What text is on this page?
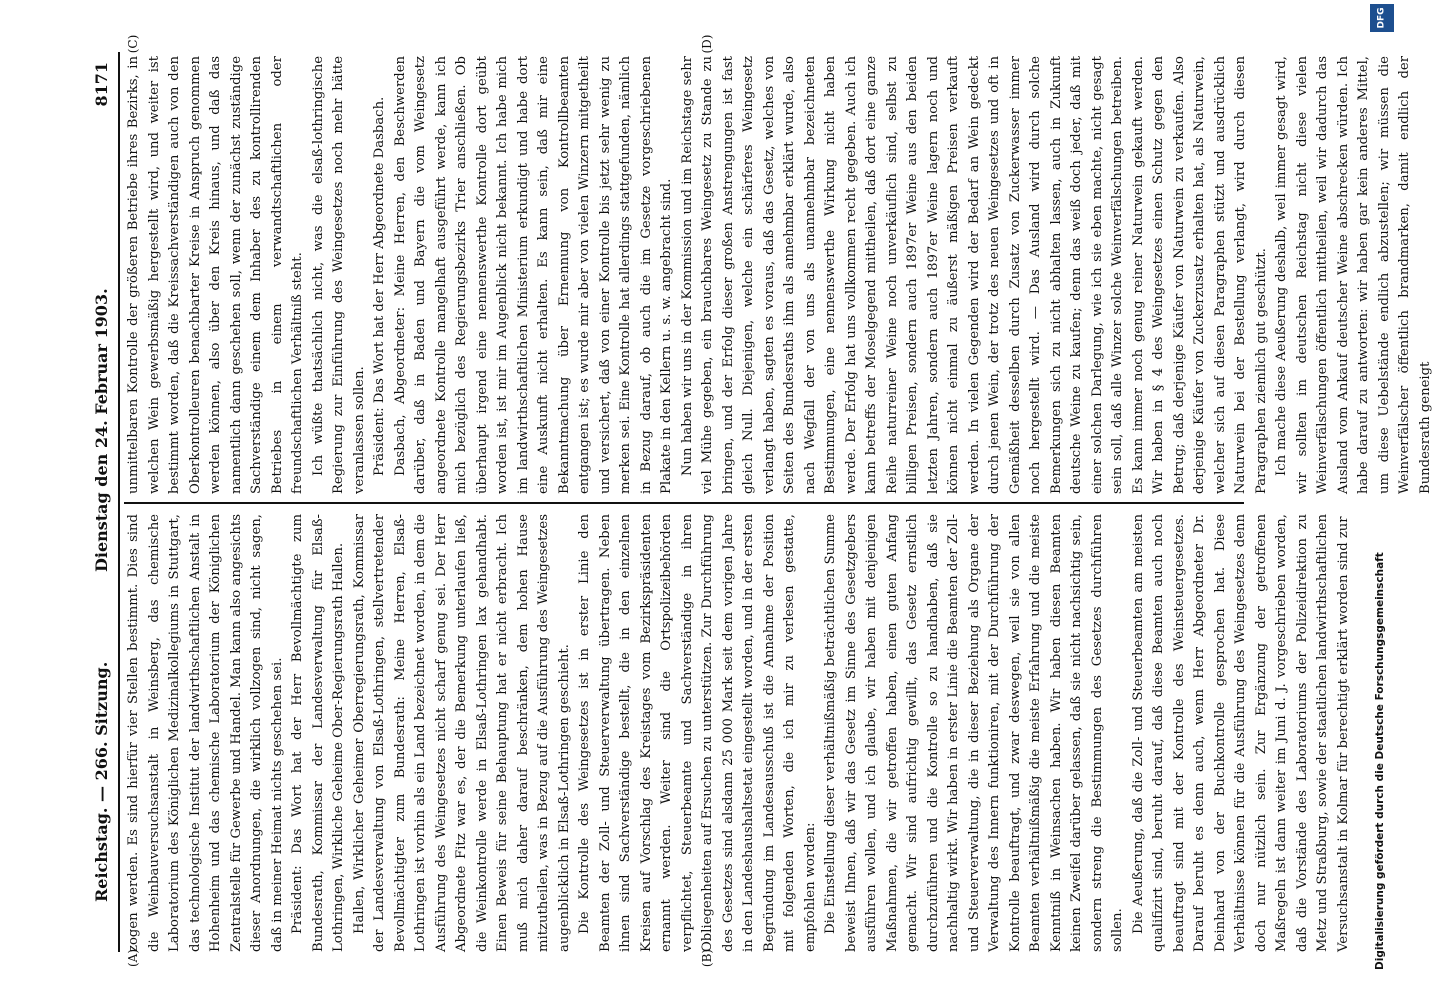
Reichstag. — 266. Sitzung.
Dienstag den 24. Februar 1903.
8171

zogen werden. Es sind hierfür vier Stellen bestimmt. Dies sind die Weinbauversuchsanstalt in Weinsberg, das chemische Laboratorium des Königlichen Medizinalkollegiums in Stuttgart, das technologische Institut der landwirthschaftlichen Anstalt in Hohenheim und das chemische Laboratorium der Königlichen Zentralstelle für Gewerbe und Handel. Man kann also angesichts dieser Anordnungen, die wirklich vollzogen sind, nicht sagen, daß in meiner Heimat nichts geschehen sei. Präsident: Das Wort hat der Herr Bevollmächtigte zum Bundesrath, Kommissar der Landesverwaltung für Elsaß-Lothringen, Wirkliche Geheime Ober-Regierungsrath Hallen. Hallen, Wirklicher Geheimer Oberregierungsrath, Kommissar der Landesverwaltung von Elsaß-Lothringen, stellvertretender Bevollmächtigter zum Bundesrath: Meine Herren, Elsaß-Lothringen ist vorhin als ein Land bezeichnet worden, in dem die Ausführung des Weingesetzes nicht scharf genug sei. Der Herr Abgeordnete Fitz war es, der die Bemerkung unterlaufen ließ, die Weinkontrolle werde in Elsaß-Lothringen lax gehandhabt. Einen Beweis für seine Behauptung hat er nicht erbracht. Ich muß mich daher darauf beschränken, dem hohen Hause mitzutheilen, was in Bezug auf die Ausführung des Weingesetzes augenblicklich in Elsaß-Lothringen geschieht. Die Kontrolle des Weingesetzes ist in erster Linie den Beamten der Zoll- und Steuerverwaltung übertragen. Neben ihnen sind Sachverständige bestellt, die in den einzelnen Kreisen auf Vorschlag des Kreistages vom Bezirkspräsidenten ernannt werden. Weiter sind die Ortspolizeibehörden verpflichtet, Steuerbeamte und Sachverständige in ihren Obliegenheiten auf Ersuchen zu unterstützen. Zur Durchführung des Gesetzes sind alsdann 25 000 Mark seit dem vorigen Jahre in den Landeshaushaltsetat eingestellt worden, und in der ersten Begründung im Landesausschuß ist die Annahme der Position mit folgenden Worten, die ich mir zu verlesen gestatte, empfohlen worden: Die Einstellung dieser verhältnißmäßig beträchtlichen Summe beweist Ihnen, daß wir das Gesetz im Sinne des Gesetzgebers ausführen wollen, und ich glaube, wir haben mit denjenigen Maßnahmen, die wir getroffen haben, einen guten Anfang gemacht. Wir sind aufrichtig gewillt, das Gesetz ernstlich durchzuführen und die Kontrolle so zu handhaben, daß sie nachhaltig wirkt. Wir haben in erster Linie die Beamten der Zoll- und Steuerverwaltung, die in dieser Beziehung als Organe der Verwaltung des Innern funktioniren, mit der Durchführung der Kontrolle beauftragt, und zwar deswegen, weil sie von allen Beamten verhältnißmäßig die meiste Erfahrung und die meiste Kenntniß in Weinsachen haben. Wir haben diesen Beamten keinen Zweifel darüber gelassen, daß sie nicht nachsichtig sein, sondern streng die Bestimmungen des Gesetzes durchführen sollen. Die Aeußerung, daß die Zoll- und Steuerbeamten am meisten qualifizirt sind, beruht darauf, daß diese Beamten auch noch beauftragt sind mit der Kontrolle des Weinsteuergesetzes. Darauf beruht es denn auch, wenn Herr Abgeordneter Dr. Deinhard von der Buchkontrolle gesprochen hat. Diese Verhältnisse können für die Ausführung des Weingesetzes denn doch nur nützlich sein. Zur Ergänzung der getroffenen Maßregeln ist dann weiter im Juni d. J. vorgeschrieben worden, daß die Vorstände des Laboratoriums der Polizeidirektion zu Metz und Straßburg, sowie der staatlichen landwirthschaftlichen Versuchsanstalt in Kolmar für berechtigt erklärt worden sind zur

unmittelbaren Kontrolle der größeren Betriebe ihres Bezirks, in welchen Wein gewerbsmäßig hergestellt wird, und weiter ist bestimmt worden, daß die Kreissachverständigen auch von den Oberkontrolleuren benachbarter Kreise in Anspruch genommen werden können, also über den Kreis hinaus, und daß das namentlich dann geschehen soll, wenn der zunächst zuständige Sachverständige einem dem Inhaber des zu kontrollirenden Betriebes in einem verwandtschaftlichen oder freundschaftlichen Verhältniß steht. Ich wüßte thatsächlich nicht, was die elsaß-lothringische Regierung zur Einführung des Weingesetzes noch mehr hätte veranlassen sollen. Präsident: Das Wort hat der Herr Abgeordnete Dasbach. Dasbach, Abgeordneter: Meine Herren, den Beschwerden darüber, daß in Baden und Bayern die vom Weingesetz angeordnete Kontrolle mangelhaft ausgeführt werde, kann ich mich bezüglich des Regierungsbezirks Trier anschließen. Ob überhaupt irgend eine nennenswerthe Kontrolle dort geübt worden ist, ist mir im Augenblick nicht bekannt. Ich habe mich im landwirthschaftlichen Ministerium erkundigt und habe dort eine Auskunft nicht erhalten. Es kann sein, daß mir eine Bekanntmachung über Ernennung von Kontrollbeamten entgangen ist; es wurde mir aber von vielen Winzern mitgetheilt und versichert, daß von einer Kontrolle bis jetzt sehr wenig zu merken sei. Eine Kontrolle hat allerdings stattgefunden, nämlich in Bezug darauf, ob auch die im Gesetze vorgeschriebenen Plakate in den Kellern u. s. w. angebracht sind. Nun haben wir uns in der Kommission und im Reichstage sehr viel Mühe gegeben, ein brauchbares Weingesetz zu Stande zu bringen, und der Erfolg dieser großen Anstrengungen ist fast gleich Null. Diejenigen, welche ein schärferes Weingesetz verlangt haben, sagten es voraus, daß das Gesetz, welches von Seiten des Bundesraths ihm als annehmbar erklärt wurde, also nach Wegfall der von uns als unannehmbar bezeichneten Bestimmungen, eine nennenswerthe Wirkung nicht haben werde. Der Erfolg hat uns vollkommen recht gegeben. Auch ich kann betreffs der Moselgegend mittheilen, daß dort eine ganze Reihe naturreiner Weine noch unverkäuflich sind, selbst zu billigen Preisen, sondern auch 1897er Weine aus den beiden letzten Jahren, sondern auch 1897er Weine lagern noch und können nicht einmal zu äußerst mäßigen Preisen verkauft werden. In vielen Gegenden wird der Bedarf an Wein gedeckt durch jenen Wein, der trotz des neuen Weingesetzes und oft in Gemäßheit desselben durch Zusatz von Zuckerwasser immer noch hergestellt wird. — Das Ausland wird durch solche Bemerkungen sich zu nicht abhalten lassen, auch in Zukunft deutsche Weine zu kaufen; denn das weiß doch jeder, daß mit einer solchen Darlegung, wie ich sie eben machte, nicht gesagt sein soll, daß alle Winzer solche Weinverfälschungen betreiben. Es kann immer noch genug reiner Naturwein gekauft werden. Wir haben in § 4 des Weingesetzes einen Schutz gegen den Betrug; daß derjenige Käufer von Naturwein zu verkaufen. Also derjenige Käufer von Zuckerzusatz erhalten hat, als Naturwein, welcher sich auf diesen Paragraphen stützt und ausdrücklich Naturwein bei der Bestellung verlangt, wird durch diesen Paragraphen ziemlich gut geschützt. Ich mache diese Aeußerung deshalb, weil immer gesagt wird, wir sollten im deutschen Reichstag nicht diese vielen Weinverfälschungen öffentlich mittheilen, weil wir dadurch das Ausland vom Ankauf deutscher Weine abschrecken würden. Ich habe darauf zu antworten: wir haben gar kein anderes Mittel, um diese Uebelstände endlich abzustellen; wir müssen die Weinverfälscher öffentlich brandmarken, damit endlich der Bundesrath geneigt

(A)	(B)
(C)	(D)
Digitalisierung gefördert durch die Deutsche Forschungsgemeinschaft
DFG
